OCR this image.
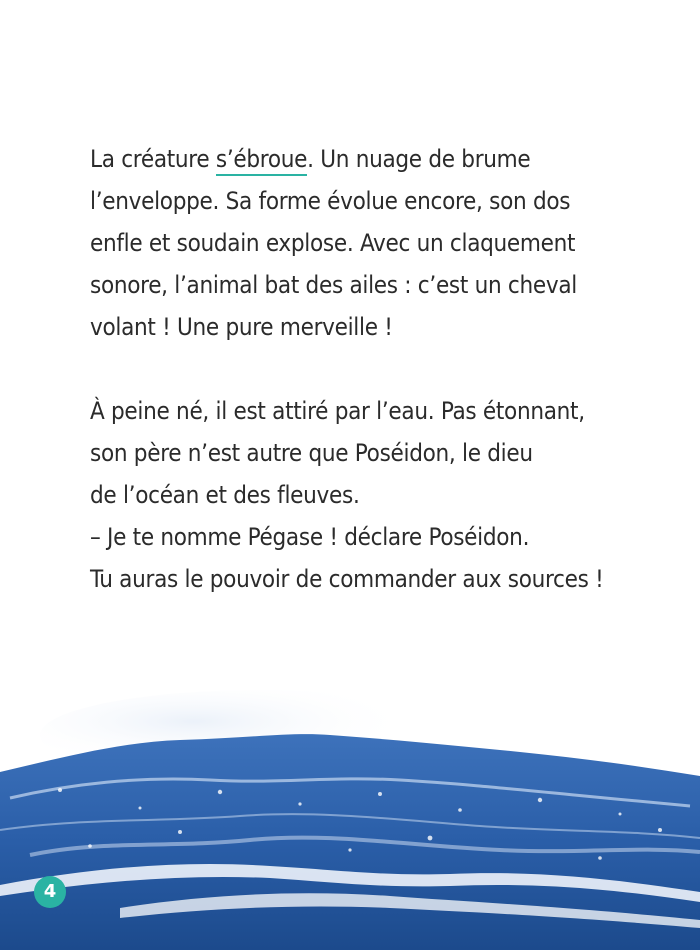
La créature s’ébroue. Un nuage de brume
l’enveloppe. Sa forme évolue encore, son dos
enfle et soudain explose. Avec un claquement
sonore, l’animal bat des ailes : c’est un cheval
volant ! Une pure merveille !

À peine né, il est attiré par l’eau. Pas étonnant,
son père n’est autre que Poséidon, le dieu
de l’océan et des fleuves.
– Je te nomme Pégase ! déclare Poséidon.
Tu auras le pouvoir de commander aux sources !

4
